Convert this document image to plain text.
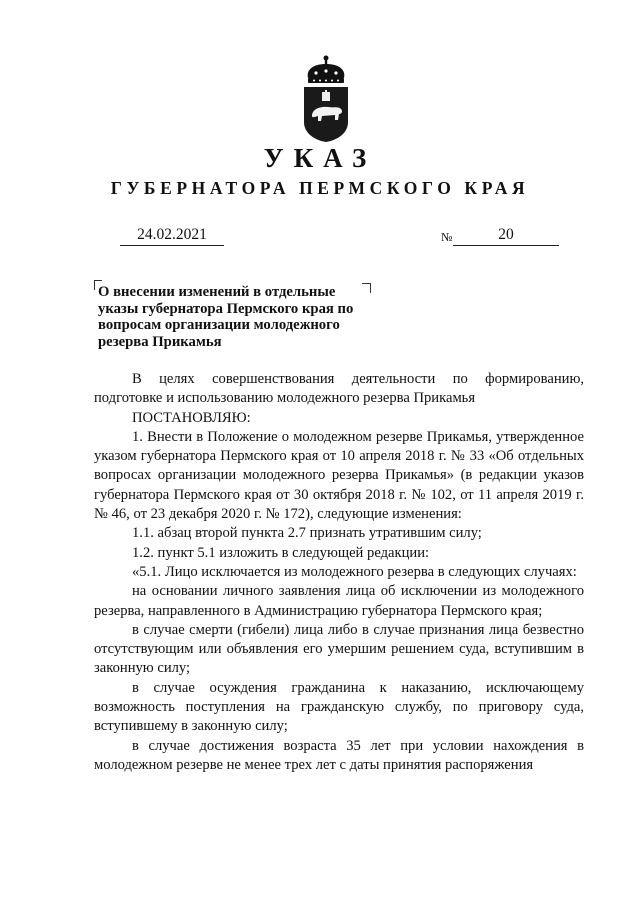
УКАЗ
ГУБЕРНАТОРА ПЕРМСКОГО КРАЯ
24.02.2021	№	20
О внесении изменений в отдельные указы губернатора Пермского края по вопросам организации молодежного резерва Прикамья

В целях совершенствования деятельности по формированию, подготовке и использованию молодежного резерва Прикамья

ПОСТАНОВЛЯЮ:

1. Внести в Положение о молодежном резерве Прикамья, утвержденное указом губернатора Пермского края от 10 апреля 2018 г. № 33 «Об отдельных вопросах организации молодежного резерва Прикамья» (в редакции указов губернатора Пермского края от 30 октября 2018 г. № 102, от 11 апреля 2019 г. № 46, от 23 декабря 2020 г. № 172), следующие изменения:

1.1. абзац второй пункта 2.7 признать утратившим силу;

1.2. пункт 5.1 изложить в следующей редакции:

«5.1. Лицо исключается из молодежного резерва в следующих случаях:

на основании личного заявления лица об исключении из молодежного резерва, направленного в Администрацию губернатора Пермского края;

в случае смерти (гибели) лица либо в случае признания лица безвестно отсутствующим или объявления его умершим решением суда, вступившим в законную силу;

в случае осуждения гражданина к наказанию, исключающему возможность поступления на гражданскую службу, по приговору суда, вступившему в законную силу;

в случае достижения возраста 35 лет при условии нахождения в молодежном резерве не менее трех лет с даты принятия распоряжения
